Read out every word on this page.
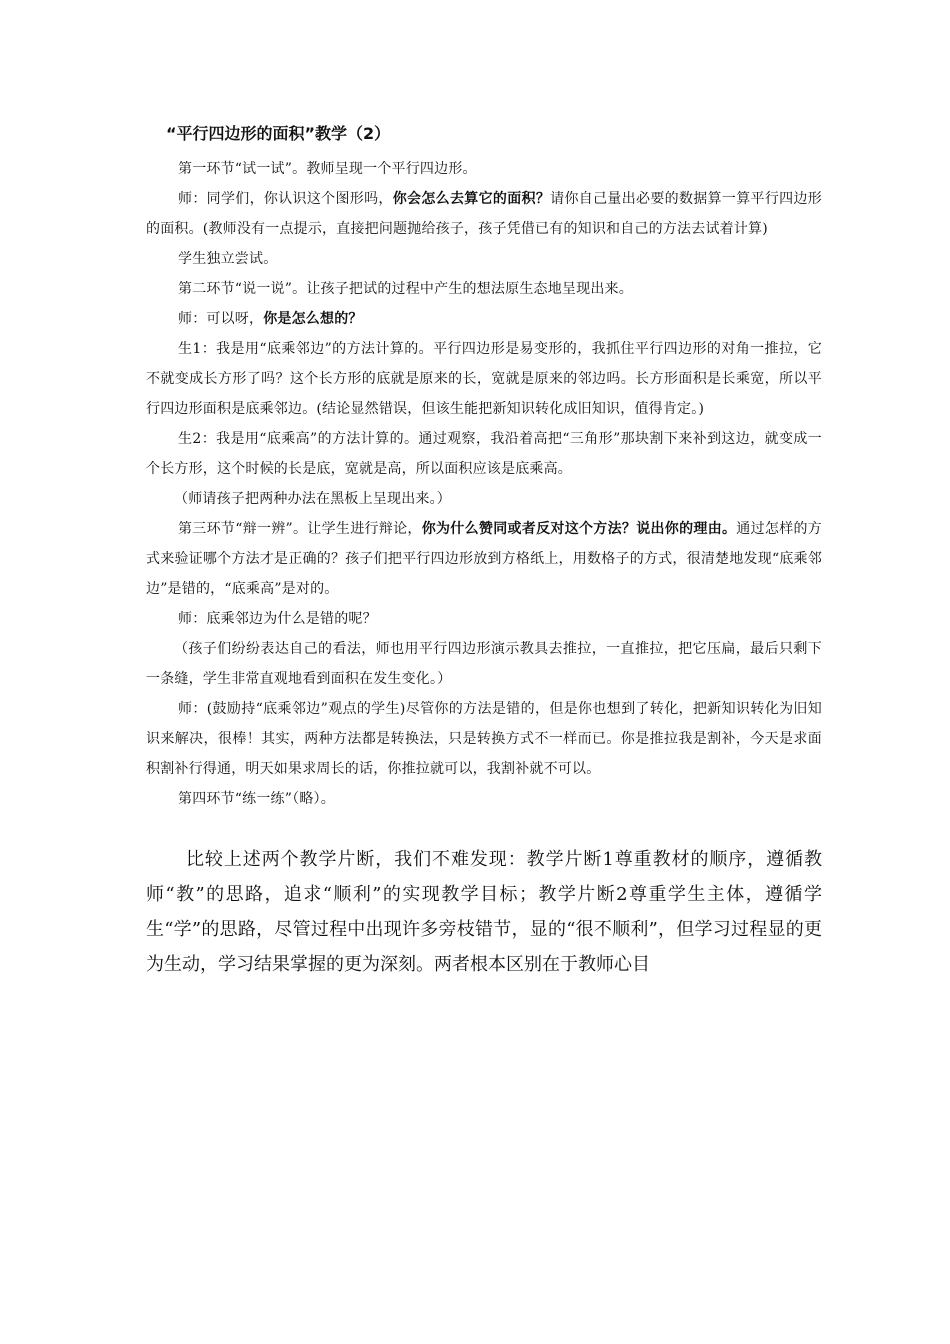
“平行四边形的面积”教学（2）

第一环节“试一试”。教师呈现一个平行四边形。

师：同学们，你认识这个图形吗，你会怎么去算它的面积？请你自己量出必要的数据算一算平行四边形的面积。(教师没有一点提示，直接把问题抛给孩子，孩子凭借已有的知识和自己的方法去试着计算)

学生独立尝试。

第二环节“说一说”。让孩子把试的过程中产生的想法原生态地呈现出来。

师：可以呀，你是怎么想的？

生1：我是用“底乘邻边”的方法计算的。平行四边形是易变形的，我抓住平行四边形的对角一推拉，它不就变成长方形了吗？这个长方形的底就是原来的长，宽就是原来的邻边吗。长方形面积是长乘宽，所以平行四边形面积是底乘邻边。(结论显然错误，但该生能把新知识转化成旧知识，值得肯定。)

生2：我是用“底乘高”的方法计算的。通过观察，我沿着高把“三角形”那块割下来补到这边，就变成一个长方形，这个时候的长是底，宽就是高，所以面积应该是底乘高。

（师请孩子把两种办法在黑板上呈现出来。）

第三环节“辩一辨”。让学生进行辩论，你为什么赞同或者反对这个方法？说出你的理由。通过怎样的方式来验证哪个方法才是正确的？孩子们把平行四边形放到方格纸上，用数格子的方式，很清楚地发现“底乘邻边”是错的，“底乘高”是对的。

师：底乘邻边为什么是错的呢？

（孩子们纷纷表达自己的看法，师也用平行四边形演示教具去推拉，一直推拉，把它压扁，最后只剩下一条缝，学生非常直观地看到面积在发生变化。）

师：(鼓励持“底乘邻边”观点的学生)尽管你的方法是错的，但是你也想到了转化，把新知识转化为旧知识来解决，很棒！其实，两种方法都是转换法，只是转换方式不一样而已。你是推拉我是割补，今天是求面积割补行得通，明天如果求周长的话，你推拉就可以，我割补就不可以。

第四环节“练一练”（略）。

比较上述两个教学片断，我们不难发现：教学片断1尊重教材的顺序，遵循教师“教”的思路，追求“顺利”的实现教学目标；教学片断2尊重学生主体，遵循学生“学”的思路，尽管过程中出现许多旁枝错节，显的“很不顺利”，但学习过程显的更为生动，学习结果掌握的更为深刻。两者根本区别在于教师心目
